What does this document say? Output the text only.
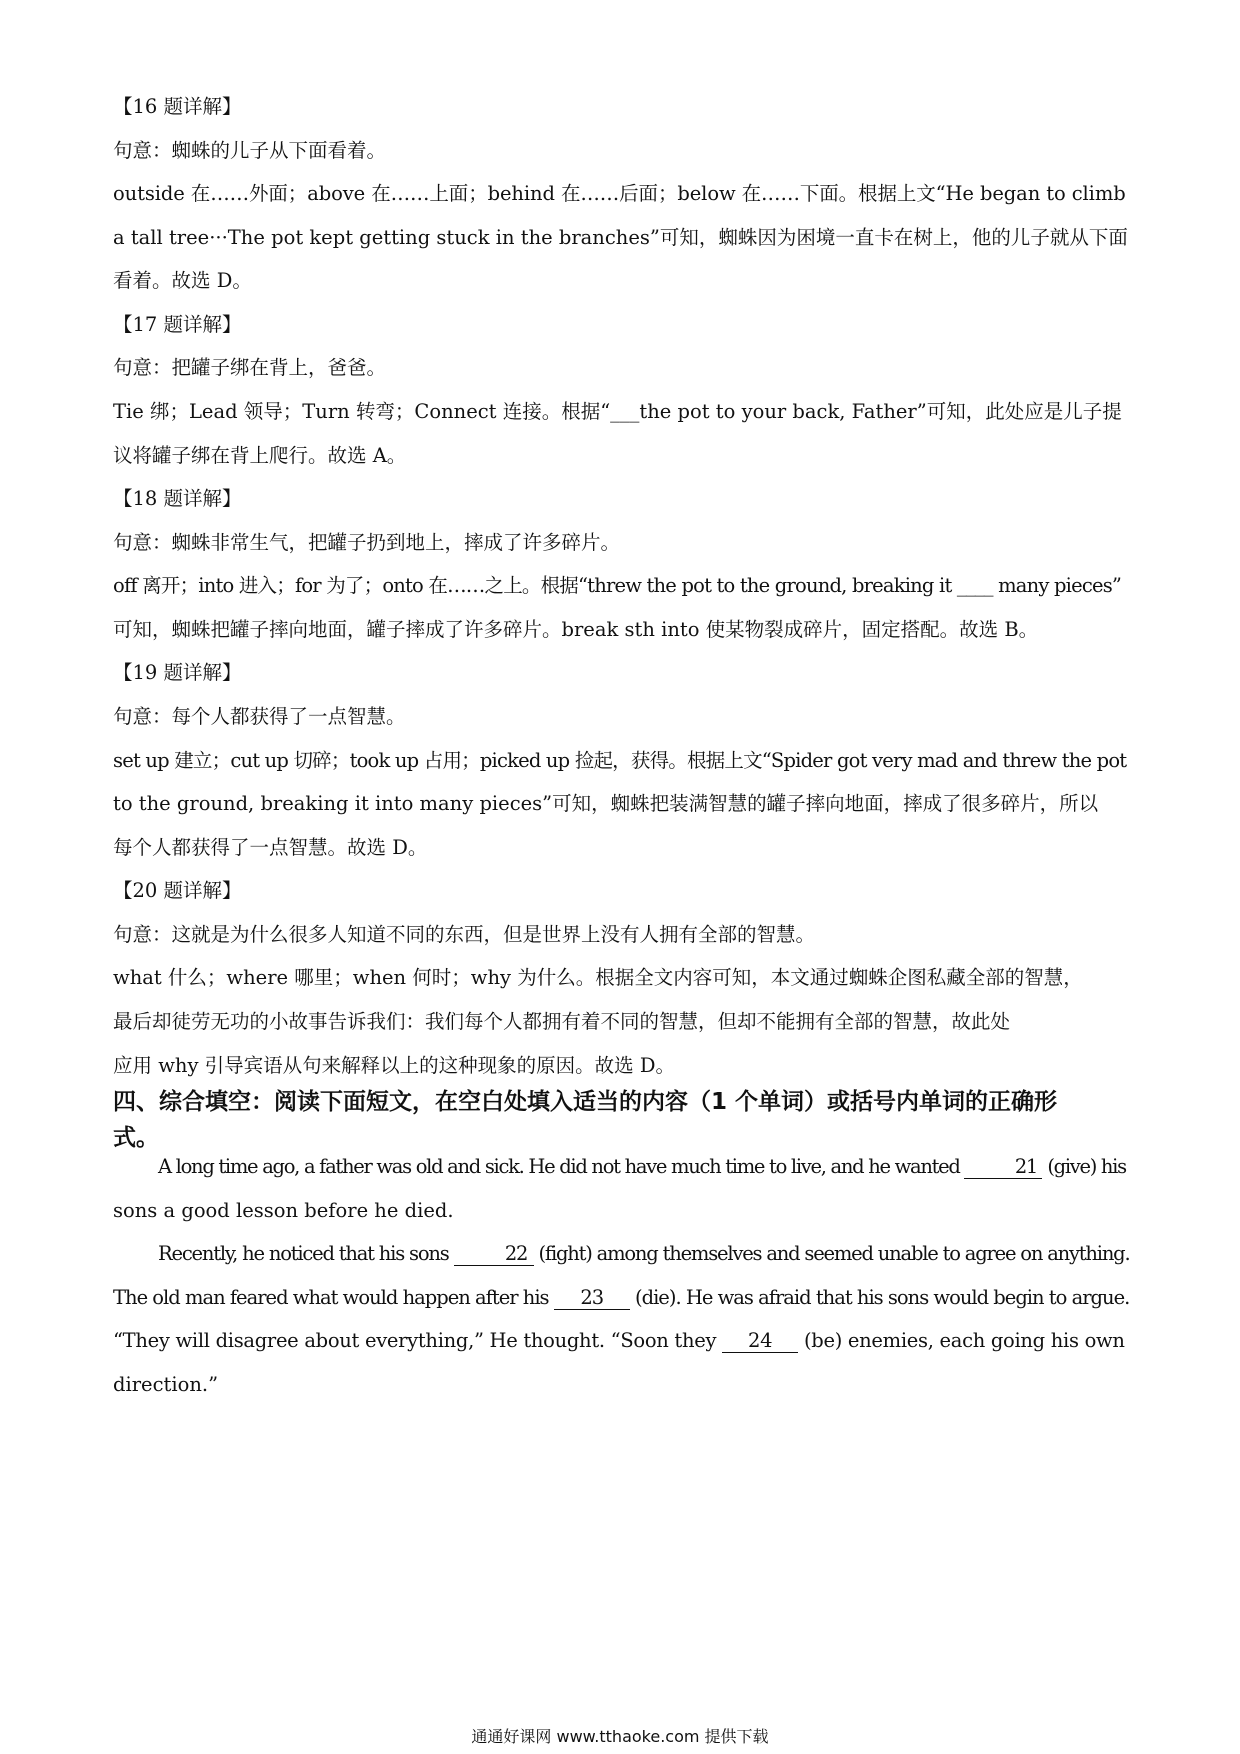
【16 题详解】

句意：蜘蛛的儿子从下面看着。

outside 在……外面；above 在……上面；behind 在……后面；below 在……下面。根据上文“He began to climb

a tall tree···The pot kept getting stuck in the branches”可知，蜘蛛因为困境一直卡在树上，他的儿子就从下面

看着。故选 D。

【17 题详解】

句意：把罐子绑在背上，爸爸。

Tie 绑；Lead 领导；Turn 转弯；Connect 连接。根据“___the pot to your back, Father”可知，此处应是儿子提

议将罐子绑在背上爬行。故选 A。

【18 题详解】

句意：蜘蛛非常生气，把罐子扔到地上，摔成了许多碎片。

off 离开；into 进入；for 为了；onto 在……之上。根据“threw the pot to the ground, breaking it ____ many pieces”

可知，蜘蛛把罐子摔向地面，罐子摔成了许多碎片。break sth into 使某物裂成碎片，固定搭配。故选 B。

【19 题详解】

句意：每个人都获得了一点智慧。

set up 建立；cut up 切碎；took up 占用；picked up 捡起，获得。根据上文“Spider got very mad and threw the pot

to the ground, breaking it into many pieces”可知，蜘蛛把装满智慧的罐子摔向地面，摔成了很多碎片，所以

每个人都获得了一点智慧。故选 D。

【20 题详解】

句意：这就是为什么很多人知道不同的东西，但是世界上没有人拥有全部的智慧。

what 什么；where 哪里；when 何时；why 为什么。根据全文内容可知，本文通过蜘蛛企图私藏全部的智慧，

最后却徒劳无功的小故事告诉我们：我们每个人都拥有着不同的智慧，但却不能拥有全部的智慧，故此处

应用 why 引导宾语从句来解释以上的这种现象的原因。故选 D。

四、综合填空：阅读下面短文，在空白处填入适当的内容（1 个单词）或括号内单词的正确形

式。

A long time ago, a father was old and sick. He did not have much time to live, and he wanted	21 (give) his

sons a good lesson before he died.

Recently, he noticed that his sons	22 (fight) among themselves and seemed unable to agree on anything.

The old man feared what would happen after his 23 (die). He was afraid that his sons would begin to argue.

“They will disagree about everything,” He thought. “Soon they 24 (be) enemies, each going his own

direction.”

通通好课网 www.tthaoke.com 提供下载
